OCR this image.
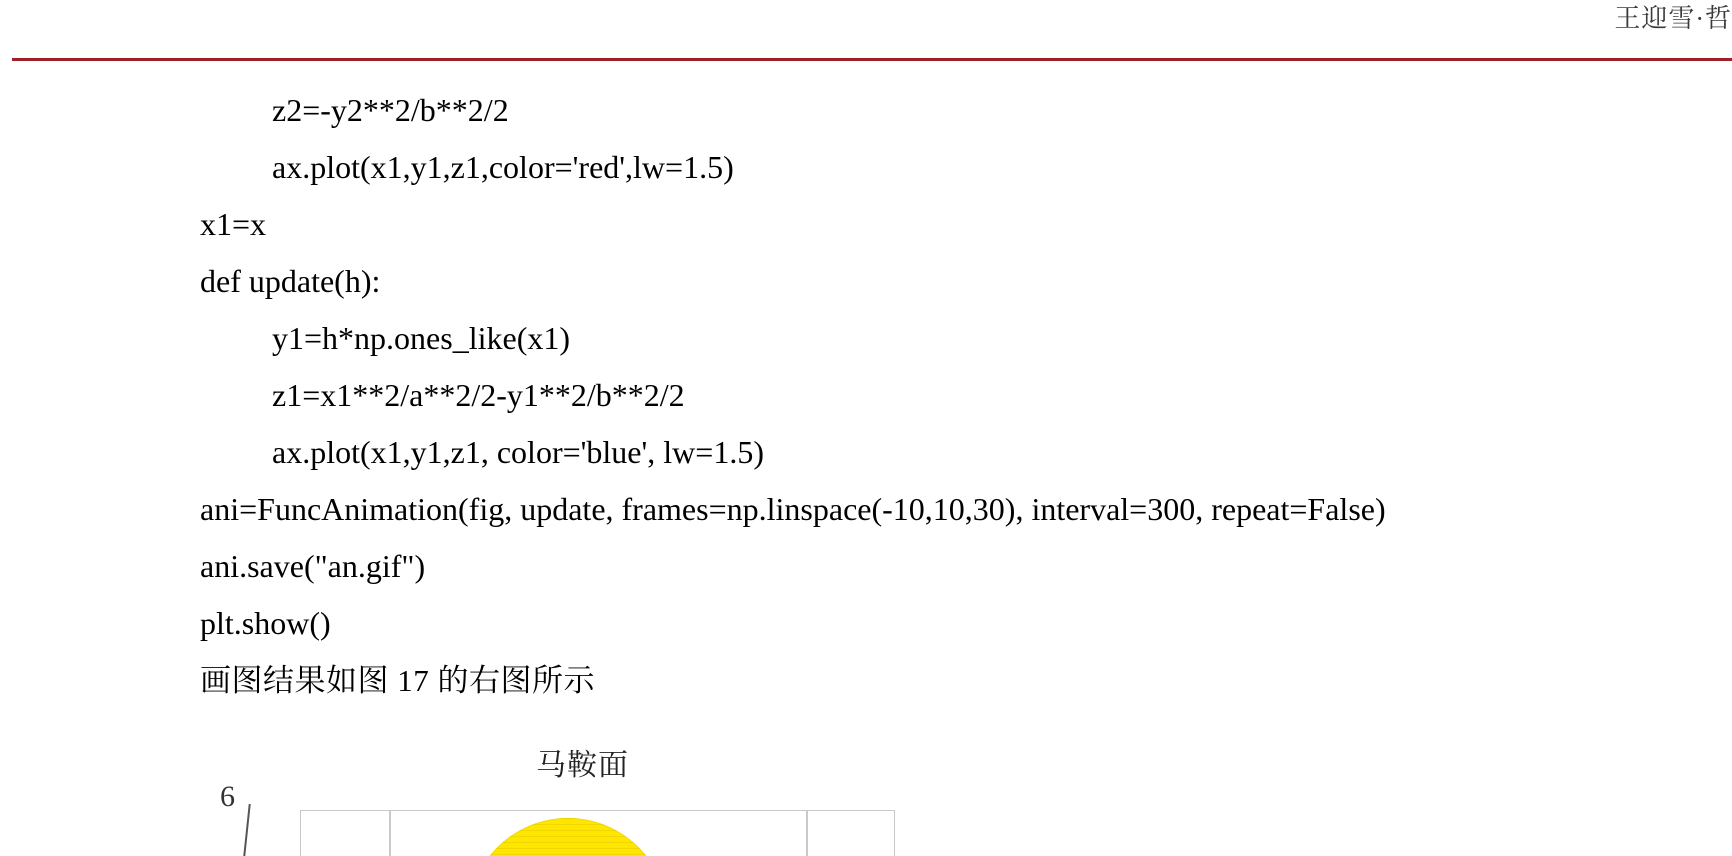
王迎雪·哲
z2=-y2**2/b**2/2
ax.plot(x1,y1,z1,color='red',lw=1.5)
x1=x
def update(h):
y1=h*np.ones_like(x1)
z1=x1**2/a**2/2-y1**2/b**2/2
ax.plot(x1,y1,z1, color='blue', lw=1.5)
ani=FuncAnimation(fig, update, frames=np.linspace(-10,10,30), interval=300, repeat=False)
ani.save("an.gif")
plt.show()
画图结果如图 17 的右图所示
马鞍面
6
